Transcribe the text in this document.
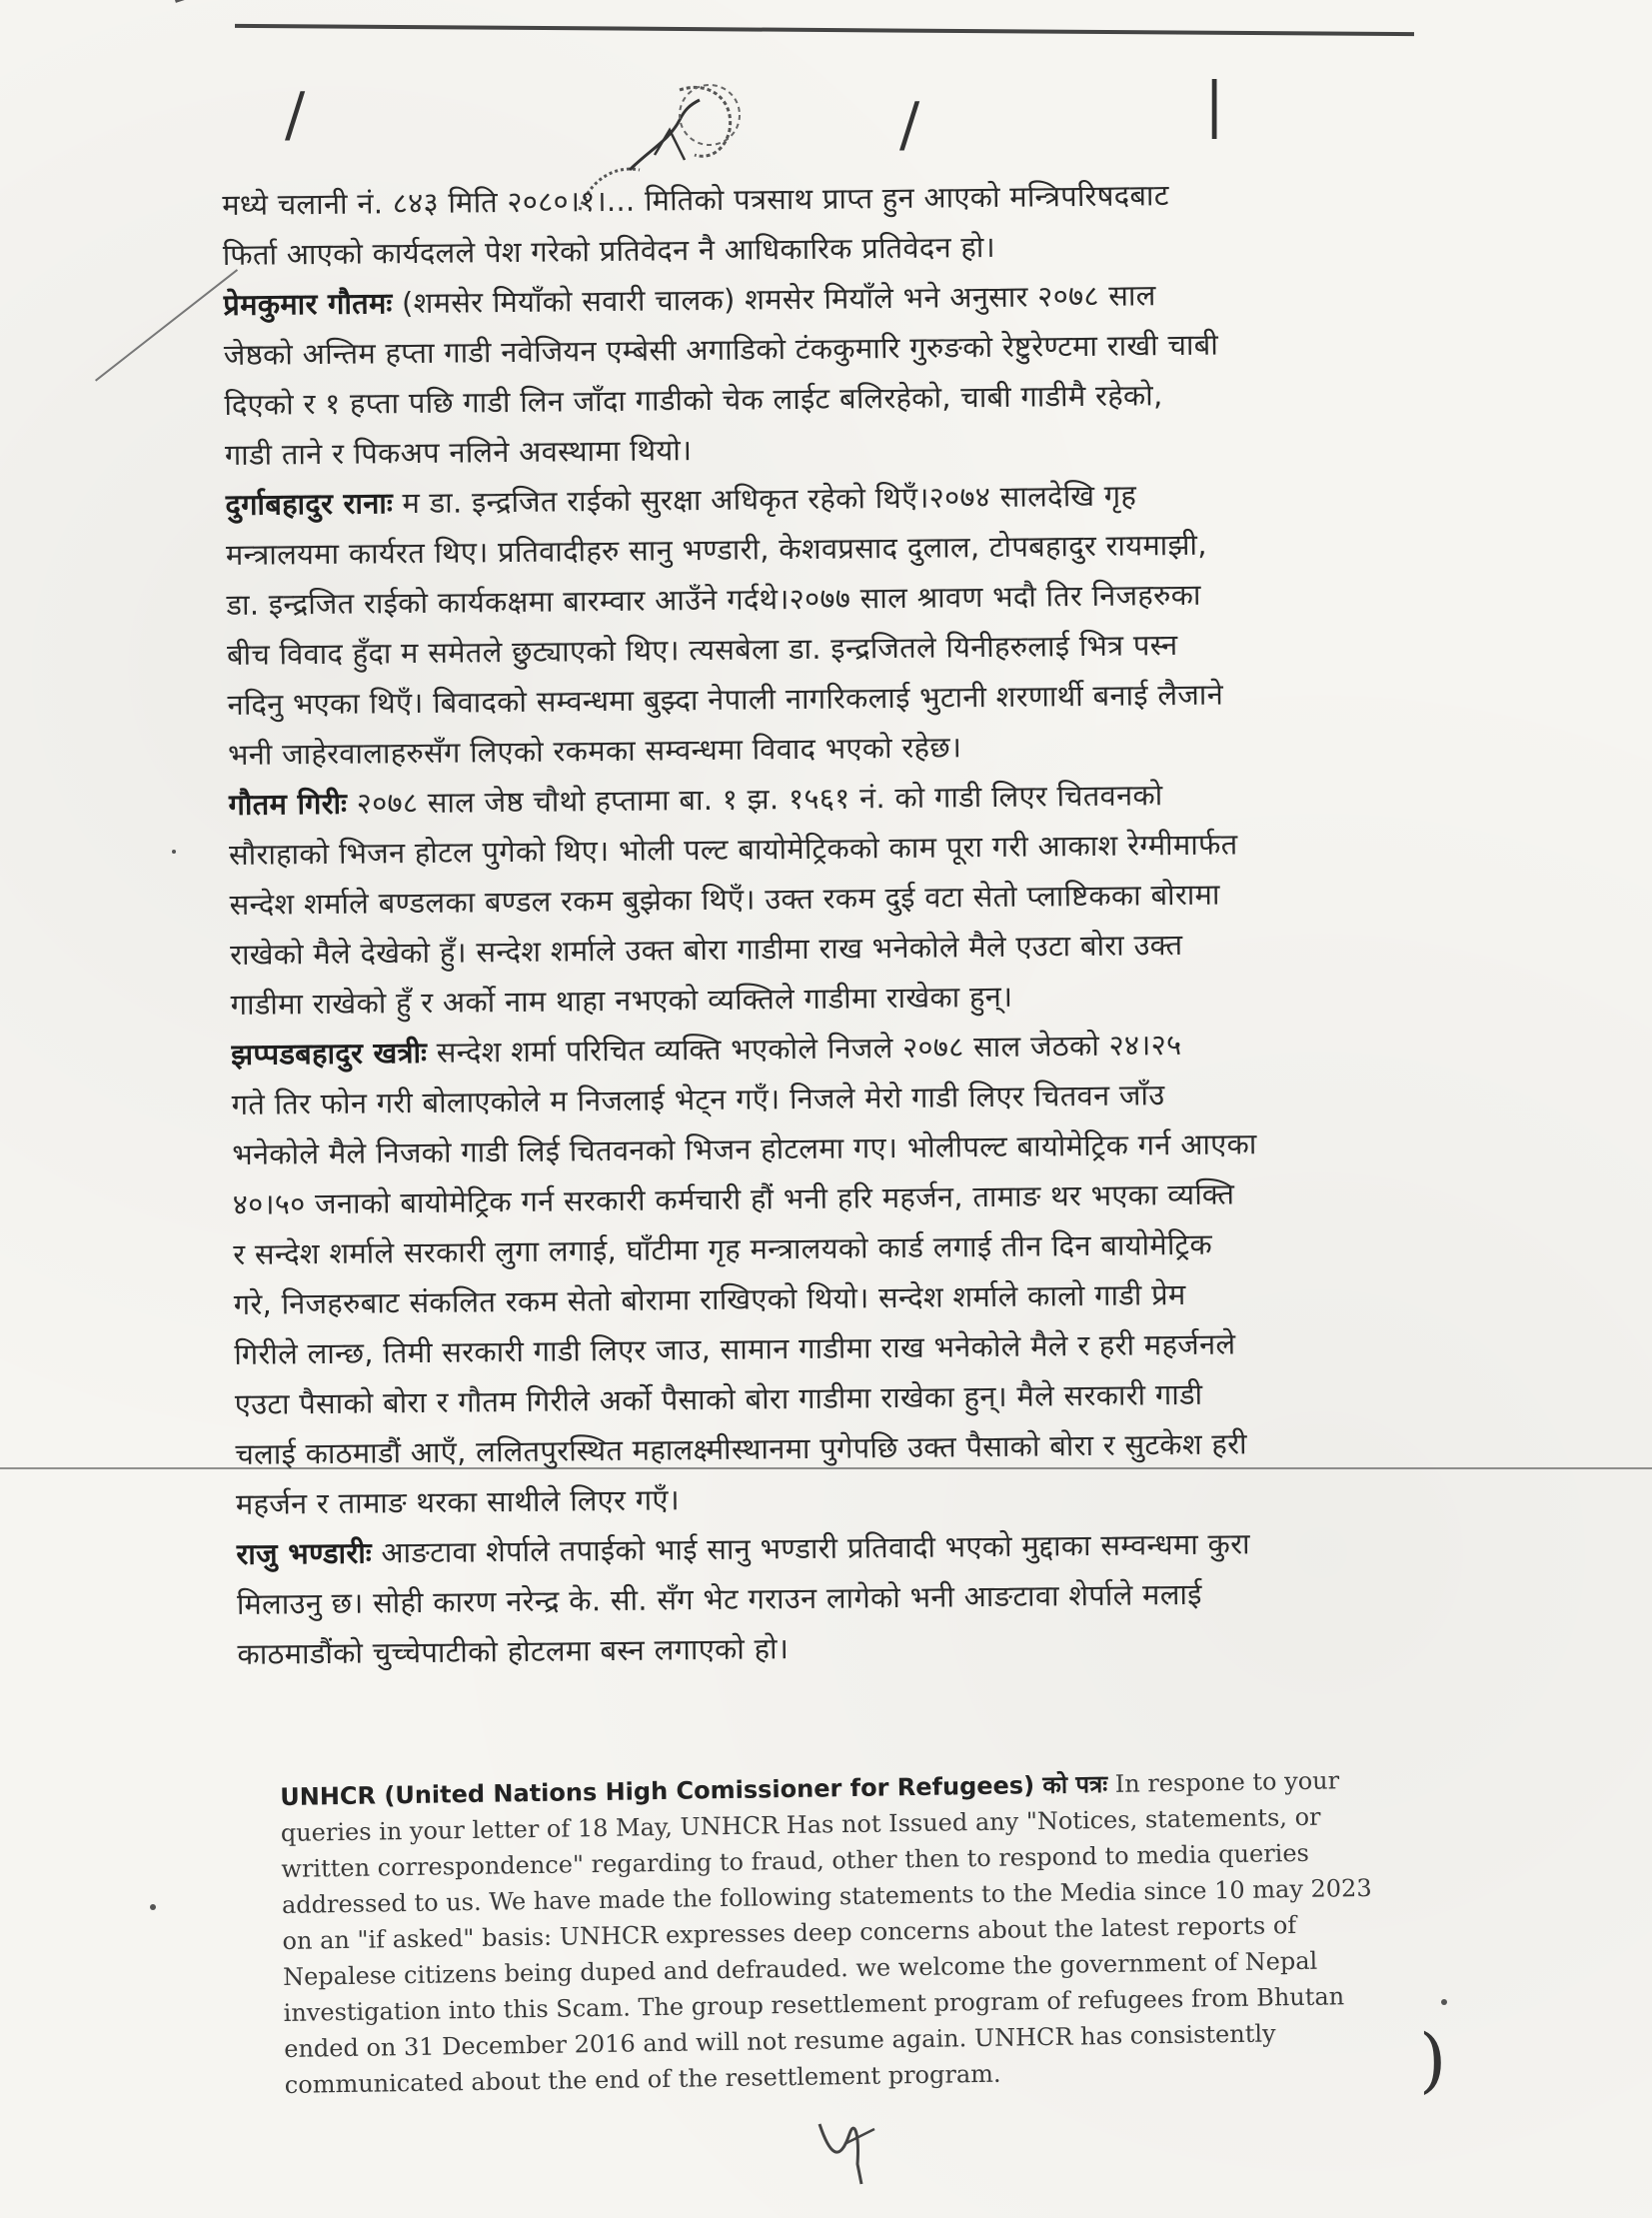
/	/	|
)
मध्ये चलानी नं. ८४३ मिति २०८०।१।... मितिको पत्रसाथ प्राप्त हुन आएको मन्त्रिपरिषदबाट
फिर्ता आएको कार्यदलले पेश गरेको प्रतिवेदन नै आधिकारिक प्रतिवेदन हो।
प्रेमकुमार गौतमः (शमसेर मियाँको सवारी चालक) शमसेर मियाँले भने अनुसार २०७८ साल
जेष्ठको अन्तिम हप्ता गाडी नवेजियन एम्बेसी अगाडिको टंककुमारि गुरुङको रेष्टुरेण्टमा राखी चाबी
दिएको र १ हप्ता पछि गाडी लिन जाँदा गाडीको चेक लाईट बलिरहेको, चाबी गाडीमै रहेको,
गाडी ताने र पिकअप नलिने अवस्थामा थियो।
दुर्गाबहादुर रानाः म डा. इन्द्रजित राईको सुरक्षा अधिकृत रहेको थिएँ।२०७४ सालदेखि गृह
मन्त्रालयमा कार्यरत थिए। प्रतिवादीहरु सानु भण्डारी, केशवप्रसाद दुलाल, टोपबहादुर रायमाझी,
डा. इन्द्रजित राईको कार्यकक्षमा बारम्वार आउँने गर्दथे।२०७७ साल श्रावण भदौ तिर निजहरुका
बीच विवाद हुँदा म समेतले छुट्याएको थिए। त्यसबेला डा. इन्द्रजितले यिनीहरुलाई भित्र पस्न
नदिनु भएका थिएँ। बिवादको सम्वन्धमा बुझ्दा नेपाली नागरिकलाई भुटानी शरणार्थी बनाई लैजाने
भनी जाहेरवालाहरुसँग लिएको रकमका सम्वन्धमा विवाद भएको रहेछ।
गौतम गिरीः २०७८ साल जेष्ठ चौथो हप्तामा बा. १ झ. १५६१ नं. को गाडी लिएर चितवनको
सौराहाको भिजन होटल पुगेको थिए। भोली पल्ट बायोमेट्रिकको काम पूरा गरी आकाश रेग्मीमार्फत
सन्देश शर्माले बण्डलका बण्डल रकम बुझेका थिएँ। उक्त रकम दुई वटा सेतो प्लाष्टिकका बोरामा
राखेको मैले देखेको हुँ। सन्देश शर्माले उक्त बोरा गाडीमा राख भनेकोले मैले एउटा बोरा उक्त
गाडीमा राखेको हुँ र अर्को नाम थाहा नभएको व्यक्तिले गाडीमा राखेका हुन्।
झप्पडबहादुर खत्रीः सन्देश शर्मा परिचित व्यक्ति भएकोले निजले २०७८ साल जेठको २४।२५
गते तिर फोन गरी बोलाएकोले म निजलाई भेट्न गएँ। निजले मेरो गाडी लिएर चितवन जाँउ
भनेकोले मैले निजको गाडी लिई चितवनको भिजन होटलमा गए। भोलीपल्ट बायोमेट्रिक गर्न आएका
४०।५० जनाको बायोमेट्रिक गर्न सरकारी कर्मचारी हौं भनी हरि महर्जन, तामाङ थर भएका व्यक्ति
र सन्देश शर्माले सरकारी लुगा लगाई, घाँटीमा गृह मन्त्रालयको कार्ड लगाई तीन दिन बायोमेट्रिक
गरे, निजहरुबाट संकलित रकम सेतो बोरामा राखिएको थियो। सन्देश शर्माले कालो गाडी प्रेम
गिरीले लान्छ, तिमी सरकारी गाडी लिएर जाउ, सामान गाडीमा राख भनेकोले मैले र हरी महर्जनले
एउटा पैसाको बोरा र गौतम गिरीले अर्को पैसाको बोरा गाडीमा राखेका हुन्। मैले सरकारी गाडी
चलाई काठमाडौं आएँ, ललितपुरस्थित महालक्ष्मीस्थानमा पुगेपछि उक्त पैसाको बोरा र सुटकेश हरी
महर्जन र तामाङ थरका साथीले लिएर गएँ।
राजु भण्डारीः आङटावा शेर्पाले तपाईको भाई सानु भण्डारी प्रतिवादी भएको मुद्दाका सम्वन्धमा कुरा
मिलाउनु छ। सोही कारण नरेन्द्र के. सी. सँग भेट गराउन लागेको भनी आङटावा शेर्पाले मलाई
काठमाडौंको चुच्चेपाटीको होटलमा बस्न लगाएको हो।
UNHCR (United Nations High Comissioner for Refugees) को पत्रः In respone to your
queries in your letter of 18 May, UNHCR Has not Issued any "Notices, statements, or
written correspondence" regarding to fraud, other then to respond to media queries
addressed to us. We have made the following statements to the Media since 10 may 2023
on an "if asked" basis: UNHCR expresses deep concerns about the latest reports of
Nepalese citizens being duped and defrauded. we welcome the government of Nepal
investigation into this Scam. The group resettlement program of refugees from Bhutan
ended on 31 December 2016 and will not resume again. UNHCR has consistently
communicated about the end of the resettlement program.
